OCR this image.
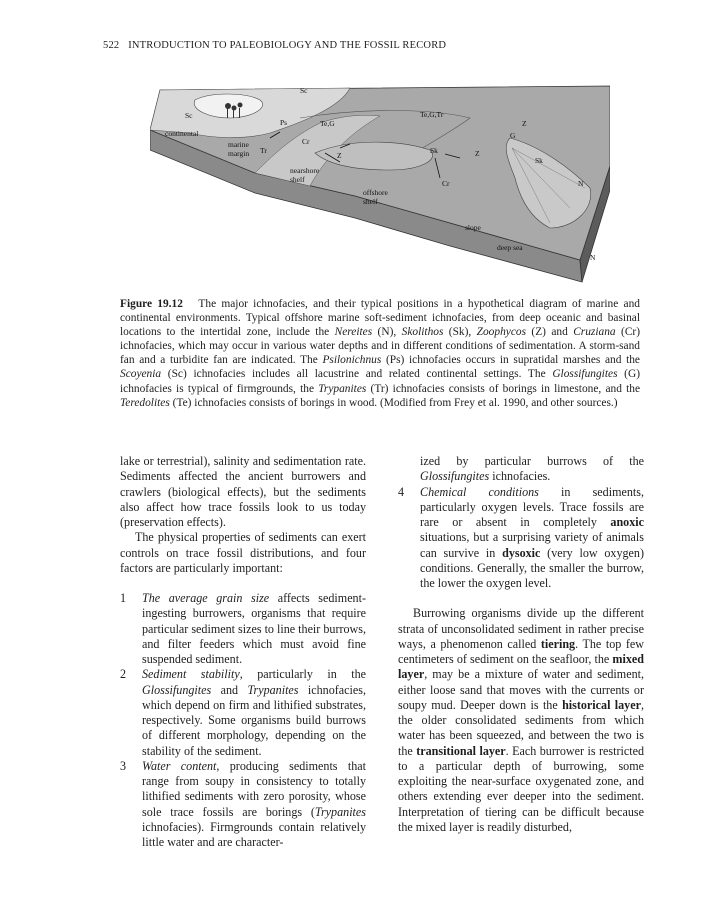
522 INTRODUCTION TO PALEOBIOLOGY AND THE FOSSIL RECORD
Sc
Sc
Ps	Te,G
Te,G,Tr
continental
marine
margin Tr
Cr
Z	Z
Z
Sk
Sk
G
Cr
nearshore
shelf
offshore
shelf
slope
deep sea
N
N
Figure 19.12 The major ichnofacies, and their typical positions in a hypothetical diagram of marine and continental environments. Typical offshore marine soft-sediment ichnofacies, from deep oceanic and basinal locations to the intertidal zone, include the Nereites (N), Skolithos (Sk), Zoophycos (Z) and Cruziana (Cr) ichnofacies, which may occur in various water depths and in different conditions of sedimentation. A storm-sand fan and a turbidite fan are indicated. The Psilonichnus (Ps) ichnofacies occurs in supratidal marshes and the Scoyenia (Sc) ichnofacies includes all lacustrine and related continental settings. The Glossifungites (G) ichnofacies is typical of firmgrounds, the Trypanites (Tr) ichnofacies consists of borings in limestone, and the Teredolites (Te) ichnofacies consists of borings in wood. (Modified from Frey et al. 1990, and other sources.)

lake or terrestrial), salinity and sedimentation rate. Sediments affected the ancient burrowers and crawlers (biological effects), but the sediments also affect how trace fossils look to us today (preservation effects).

The physical properties of sediments can exert controls on trace fossil distributions, and four factors are particularly important:

1 The average grain size affects sediment-ingesting burrowers, organisms that require particular sediment sizes to line their burrows, and filter feeders which must avoid fine suspended sediment.

2 Sediment stability, particularly in the Glossifungites and Trypanites ichnofacies, which depend on firm and lithified substrates, respectively. Some organisms build burrows of different morphology, depending on the stability of the sediment.

3 Water content, producing sediments that range from soupy in consistency to totally lithified sediments with zero porosity, whose sole trace fossils are borings (Trypanites ichnofacies). Firmgrounds contain relatively little water and are character-

ized by particular burrows of the Glossifungites ichnofacies.

4 Chemical conditions in sediments, particularly oxygen levels. Trace fossils are rare or absent in completely anoxic situations, but a surprising variety of animals can survive in dysoxic (very low oxygen) conditions. Generally, the smaller the burrow, the lower the oxygen level.

Burrowing organisms divide up the different strata of unconsolidated sediment in rather precise ways, a phenomenon called tiering. The top few centimeters of sediment on the seafloor, the mixed layer, may be a mixture of water and sediment, either loose sand that moves with the currents or soupy mud. Deeper down is the historical layer, the older consolidated sediments from which water has been squeezed, and between the two is the transitional layer. Each burrower is restricted to a particular depth of burrowing, some exploiting the near-surface oxygenated zone, and others extending ever deeper into the sediment. Interpretation of tiering can be difficult because the mixed layer is readily disturbed,
